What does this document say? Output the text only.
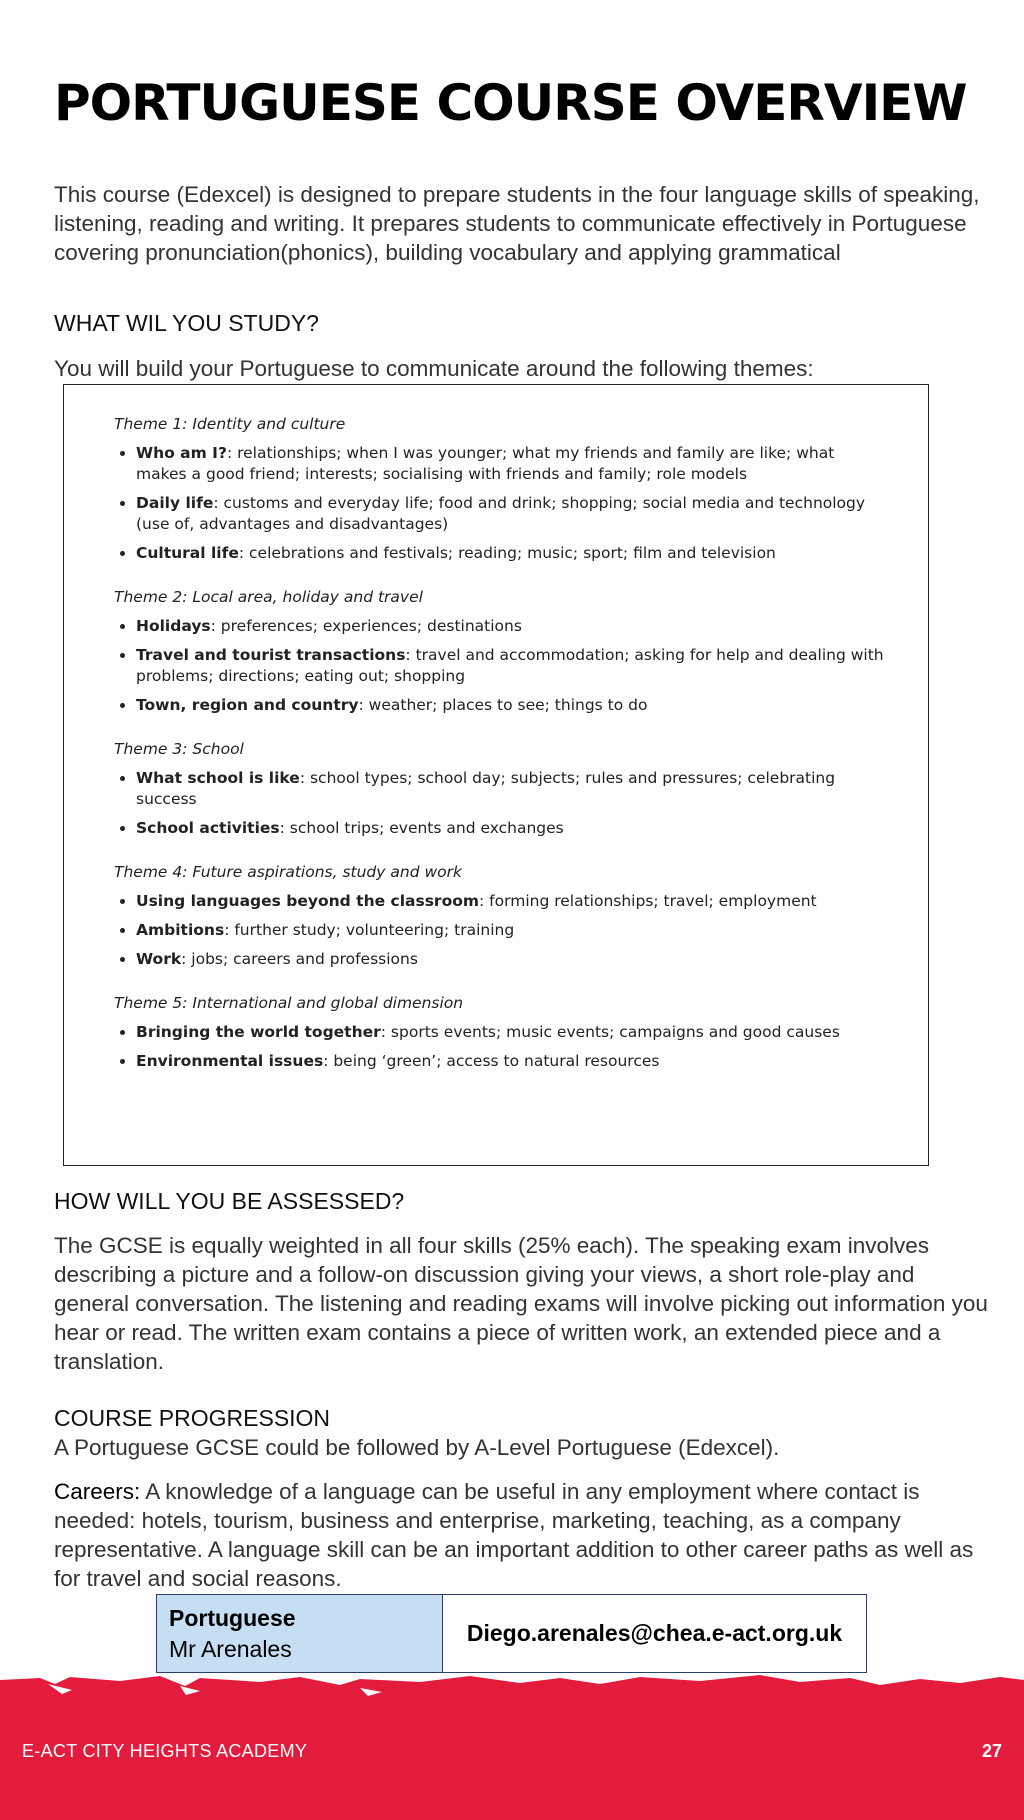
PORTUGUESE COURSE OVERVIEW

This course (Edexcel) is designed to prepare students in the four language skills of speaking, listening, reading and writing. It prepares students to communicate effectively in Portuguese covering pronunciation(phonics), building vocabulary and applying grammatical

WHAT WIL YOU STUDY?

You will build your Portuguese to communicate around the following themes:

Theme 1: Identity and culture

• Who am I?: relationships; when I was younger; what my friends and family are like; what makes a good friend; interests; socialising with friends and family; role models
• Daily life: customs and everyday life; food and drink; shopping; social media and technology (use of, advantages and disadvantages)
• Cultural life: celebrations and festivals; reading; music; sport; film and television

Theme 2: Local area, holiday and travel

• Holidays: preferences; experiences; destinations
• Travel and tourist transactions: travel and accommodation; asking for help and dealing with problems; directions; eating out; shopping
• Town, region and country: weather; places to see; things to do

Theme 3: School

• What school is like: school types; school day; subjects; rules and pressures; celebrating success
• School activities: school trips; events and exchanges

Theme 4: Future aspirations, study and work

• Using languages beyond the classroom: forming relationships; travel; employment
• Ambitions: further study; volunteering; training
• Work: jobs; careers and professions

Theme 5: International and global dimension

• Bringing the world together: sports events; music events; campaigns and good causes
• Environmental issues: being ‘green’; access to natural resources
HOW WILL YOU BE ASSESSED?

The GCSE is equally weighted in all four skills (25% each). The speaking exam involves describing a picture and a follow-on discussion giving your views, a short role-play and general conversation. The listening and reading exams will involve picking out information you hear or read. The written exam contains a piece of written work, an extended piece and a translation.

COURSE PROGRESSION

A Portuguese GCSE could be followed by A-Level Portuguese (Edexcel).

Careers: A knowledge of a language can be useful in any employment where contact is needed: hotels, tourism, business and enterprise, marketing, teaching, as a company representative. A language skill can be an important addition to other career paths as well as for travel and social reasons.

Portuguese
Mr Arenales
Diego.arenales@chea.e-act.org.uk
E-ACT CITY HEIGHTS ACADEMY	27
